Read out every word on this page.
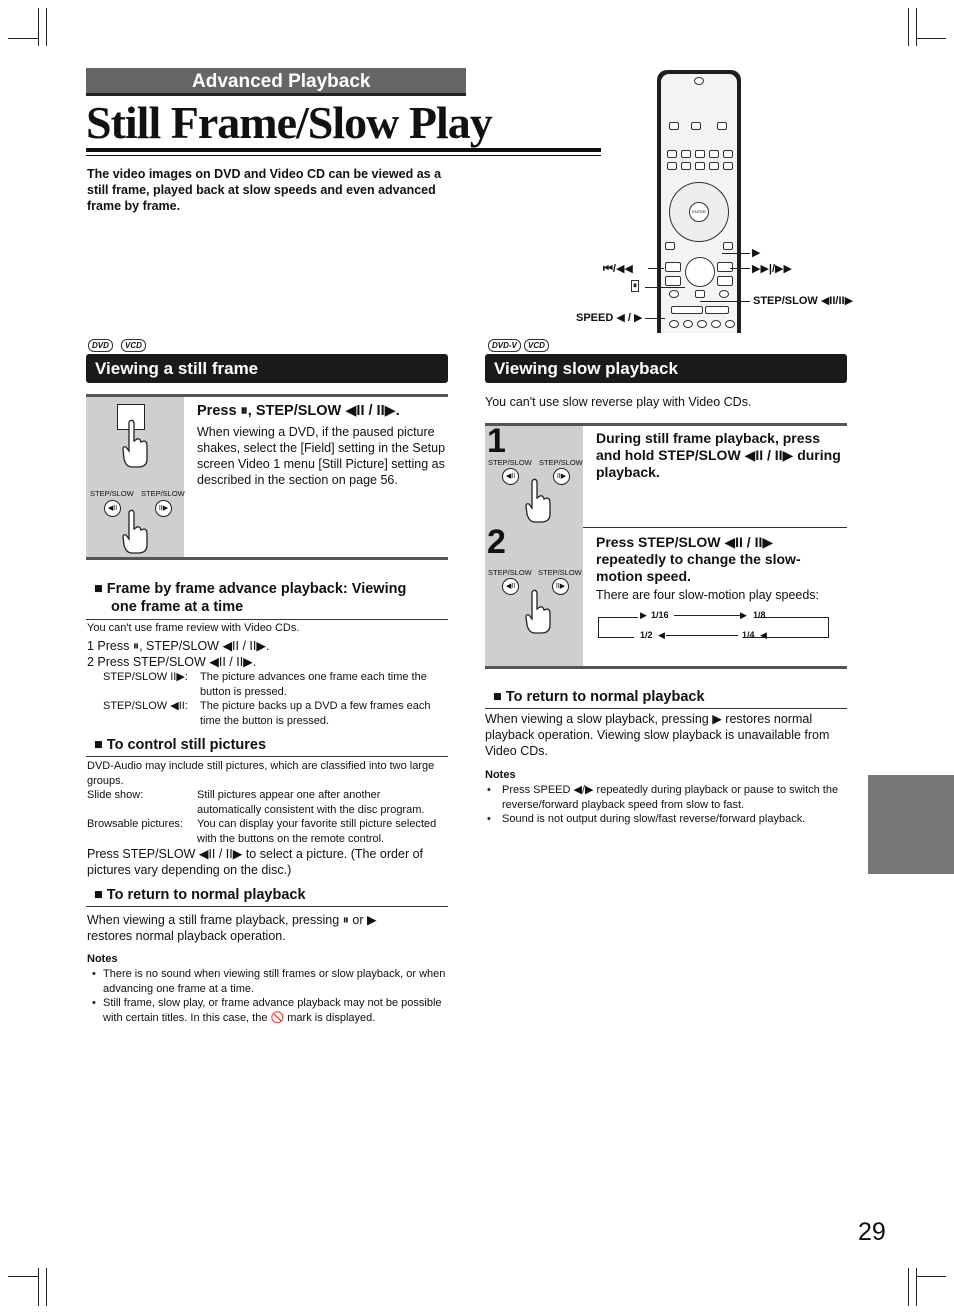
Advanced Playback
Still Frame/Slow Play
The video images on DVD and Video CD can be viewed as a still frame, played back at slow speeds and even advanced frame by frame.	ENTER
▶
⏮/◀◀	▶▶|/▶▶
⏸
STEP/SLOW ◀II/II▶
SPEED ◀ / ▶
DVD	VCD
Viewing a still frame
STEP/SLOW STEP/SLOW
◀II	II▶
Press ⏸, STEP/SLOW ◀II / II▶.
When viewing a DVD, if the paused picture shakes, select the [Field] setting in the Setup screen Video 1 menu [Still Picture] setting as described in the section on page 56.
■ Frame by frame advance playback: Viewing
one frame at a time
You can't use frame review with Video CDs.
1 Press ⏸, STEP/SLOW ◀II / II▶.
2 Press STEP/SLOW ◀II / II▶.
STEP/SLOW II▶: The picture advances one frame each time the button is pressed.
STEP/SLOW ◀II: The picture backs up a DVD a few frames each time the button is pressed.
■ To control still pictures
DVD-Audio may include still pictures, which are classified into two large groups.
Slide show:	Still pictures appear one after another automatically consistent with the disc program.
Browsable pictures: You can display your favorite still picture selected with the buttons on the remote control.
Press STEP/SLOW ◀II / II▶ to select a picture. (The order of pictures vary depending on the disc.)
■ To return to normal playback
When viewing a still frame playback, pressing ⏸ or ▶ restores normal playback operation.
Notes
• There is no sound when viewing still frames or slow playback, or when advancing one frame at a time.
• Still frame, slow play, or frame advance playback may not be possible with certain titles. In this case, the 🚫 mark is displayed.
DVD-V	VCD
Viewing slow playback
You can't use slow reverse play with Video CDs.
1
STEP/SLOW STEP/SLOW
◀II	II▶
During still frame playback, press and hold STEP/SLOW ◀II / II▶ during playback.
2
STEP/SLOW STEP/SLOW
◀II	II▶
Press STEP/SLOW ◀II / II▶ repeatedly to change the slow-motion speed.
There are four slow-motion play speeds:
▶ 1/16	▶ 1/8
1/2 ◀	1/4 ◀
■ To return to normal playback
When viewing a slow playback, pressing ▶ restores normal playback operation. Viewing slow playback is unavailable from Video CDs.
Notes
• Press SPEED ◀/▶ repeatedly during playback or pause to switch the reverse/forward playback speed from slow to fast.
• Sound is not output during slow/fast reverse/forward playback.
29
